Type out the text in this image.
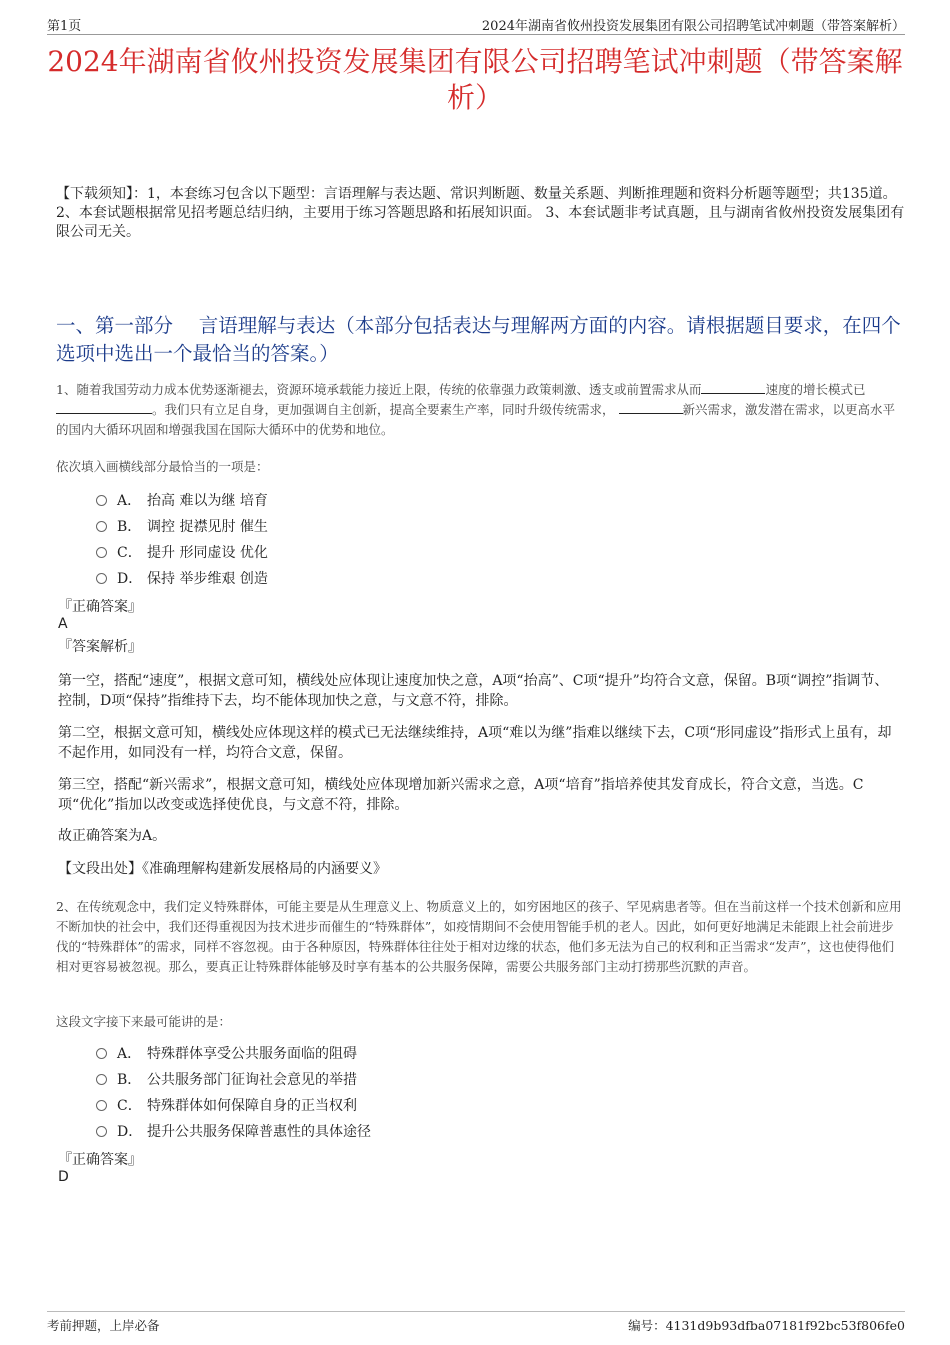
第1页	2024年湖南省攸州投资发展集团有限公司招聘笔试冲刺题（带答案解析）
2024年湖南省攸州投资发展集团有限公司招聘笔试冲刺题（带答案解析）
【下载须知】：1，本套练习包含以下题型：言语理解与表达题、常识判断题、数量关系题、判断推理题和资料分析题等题型；共135道。 2、本套试题根据常见招考题总结归纳，主要用于练习答题思路和拓展知识面。 3、本套试题非考试真题，且与湖南省攸州投资发展集团有限公司无关。
一、第一部分　 言语理解与表达（本部分包括表达与理解两方面的内容。请根据题目要求，在四个选项中选出一个最恰当的答案。）
1、随着我国劳动力成本优势逐渐褪去，资源环境承载能力接近上限，传统的依靠强力政策刺激、透支或前置需求从而	速度的增长模式已 。我们只有立足自身，更加强调自主创新，提高全要素生产率，同时升级传统需求，	新兴需求，激发潜在需求，以更高水平的国内大循环巩固和增强我国在国际大循环中的优势和地位。
依次填入画横线部分最恰当的一项是：
A． 抬高 难以为继 培育
B． 调控 捉襟见肘 催生
C． 提升 形同虚设 优化
D． 保持 举步维艰 创造
『正确答案』
A
『答案解析』
第一空，搭配“速度”，根据文意可知，横线处应体现让速度加快之意，A项“抬高”、C项“提升”均符合文意，保留。B项“调控”指调节、控制，D项“保持”指维持下去，均不能体现加快之意，与文意不符，排除。
第二空，根据文意可知，横线处应体现这样的模式已无法继续维持，A项“难以为继”指难以继续下去，C项“形同虚设”指形式上虽有，却不起作用，如同没有一样，均符合文意，保留。
第三空，搭配“新兴需求”，根据文意可知，横线处应体现增加新兴需求之意，A项“培育”指培养使其发育成长，符合文意，当选。C项“优化”指加以改变或选择使优良，与文意不符，排除。
故正确答案为A。
【文段出处】《准确理解构建新发展格局的内涵要义》
2、在传统观念中，我们定义特殊群体，可能主要是从生理意义上、物质意义上的，如穷困地区的孩子、罕见病患者等。但在当前这样一个技术创新和应用不断加快的社会中，我们还得重视因为技术进步而催生的“特殊群体”，如疫情期间不会使用智能手机的老人。因此，如何更好地满足未能跟上社会前进步伐的“特殊群体”的需求，同样不容忽视。由于各种原因，特殊群体往往处于相对边缘的状态，他们多无法为自己的权利和正当需求“发声”，这也使得他们相对更容易被忽视。那么，要真正让特殊群体能够及时享有基本的公共服务保障，需要公共服务部门主动打捞那些沉默的声音。
这段文字接下来最可能讲的是：
A． 特殊群体享受公共服务面临的阻碍
B． 公共服务部门征询社会意见的举措
C． 特殊群体如何保障自身的正当权利
D． 提升公共服务保障普惠性的具体途径
『正确答案』
D
考前押题，上岸必备	编号：4131d9b93dfba07181f92bc53f806fe0
